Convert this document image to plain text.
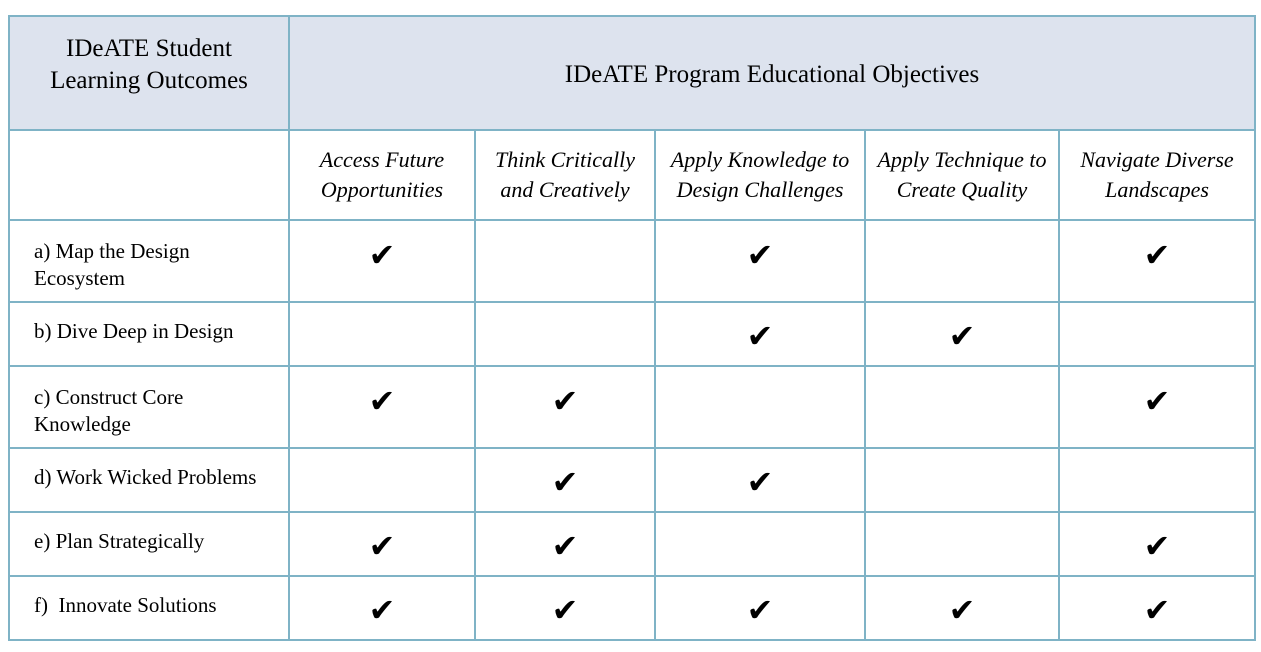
IDeATE Student
Learning Outcomes	IDeATE Program Educational Objectives				
	Access Future Opportunities	Think Critically and Creatively	Apply Knowledge to Design Challenges	Apply Technique to Create Quality	Navigate Diverse Landscapes
a) Map the Design
Ecosystem	✔		✔		✔
b) Dive Deep in Design			✔	✔	
c) Construct Core
Knowledge	✔	✔			✔
d) Work Wicked Problems		✔	✔		
e) Plan Strategically	✔	✔			✔
f)  Innovate Solutions	✔	✔	✔	✔	✔
